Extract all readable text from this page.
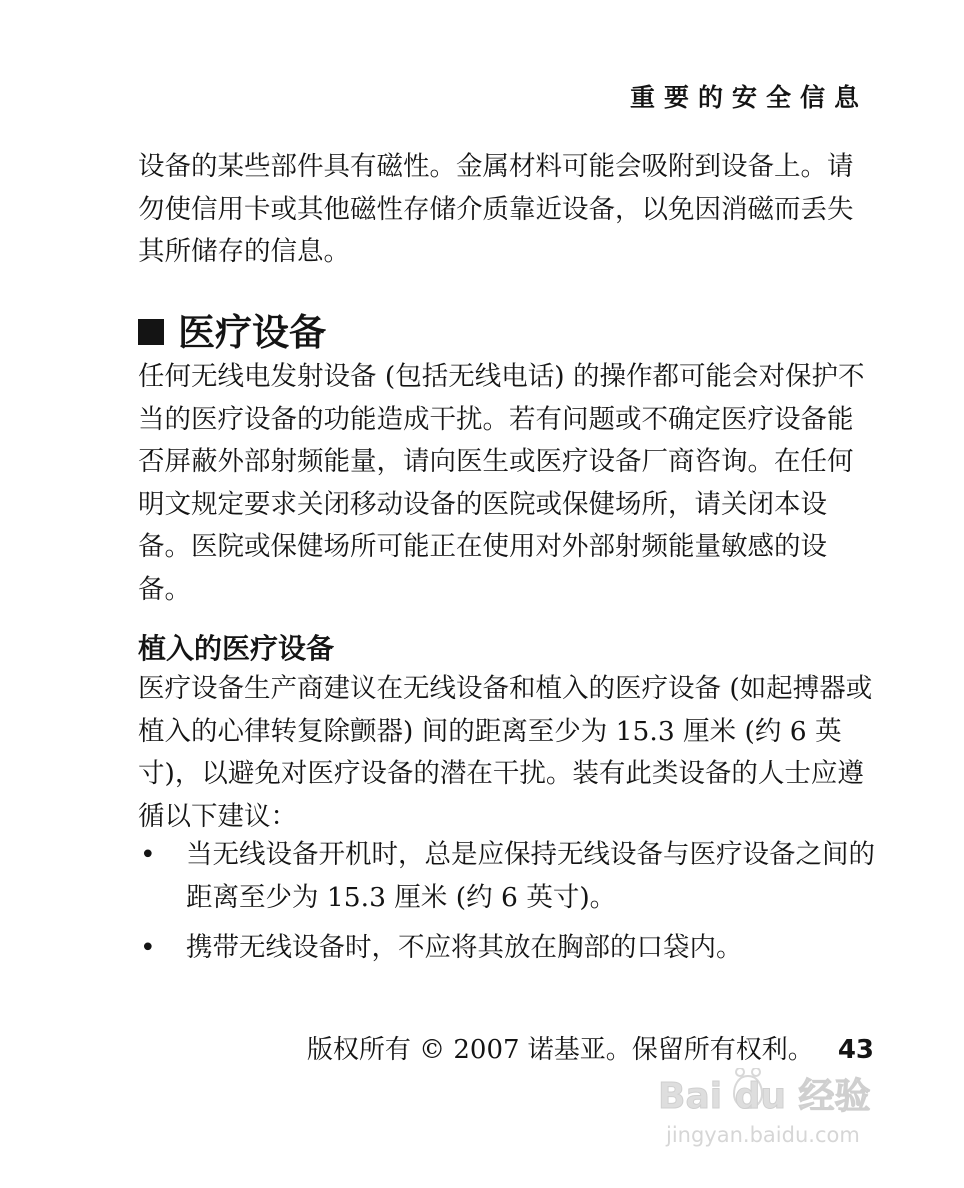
重要的安全信息
设备的某些部件具有磁性。金属材料可能会吸附到设备上。请勿使信用卡或其他磁性存储介质靠近设备，以免因消磁而丢失其所储存的信息。
医疗设备
任何无线电发射设备 (包括无线电话) 的操作都可能会对保护不当的医疗设备的功能造成干扰。若有问题或不确定医疗设备能否屏蔽外部射频能量，请向医生或医疗设备厂商咨询。在任何明文规定要求关闭移动设备的医院或保健场所，请关闭本设备。医院或保健场所可能正在使用对外部射频能量敏感的设备。
植入的医疗设备
医疗设备生产商建议在无线设备和植入的医疗设备 (如起搏器或植入的心律转复除颤器) 间的距离至少为 15.3 厘米 (约 6 英寸)，以避免对医疗设备的潜在干扰。装有此类设备的人士应遵循以下建议：
• 当无线设备开机时，总是应保持无线设备与医疗设备之间的距离至少为 15.3 厘米 (约 6 英寸)。
• 携带无线设备时，不应将其放在胸部的口袋内。
版权所有 © 2007 诺基亚。保留所有权利。 43
Bai du 经验
jingyan.baidu.com
